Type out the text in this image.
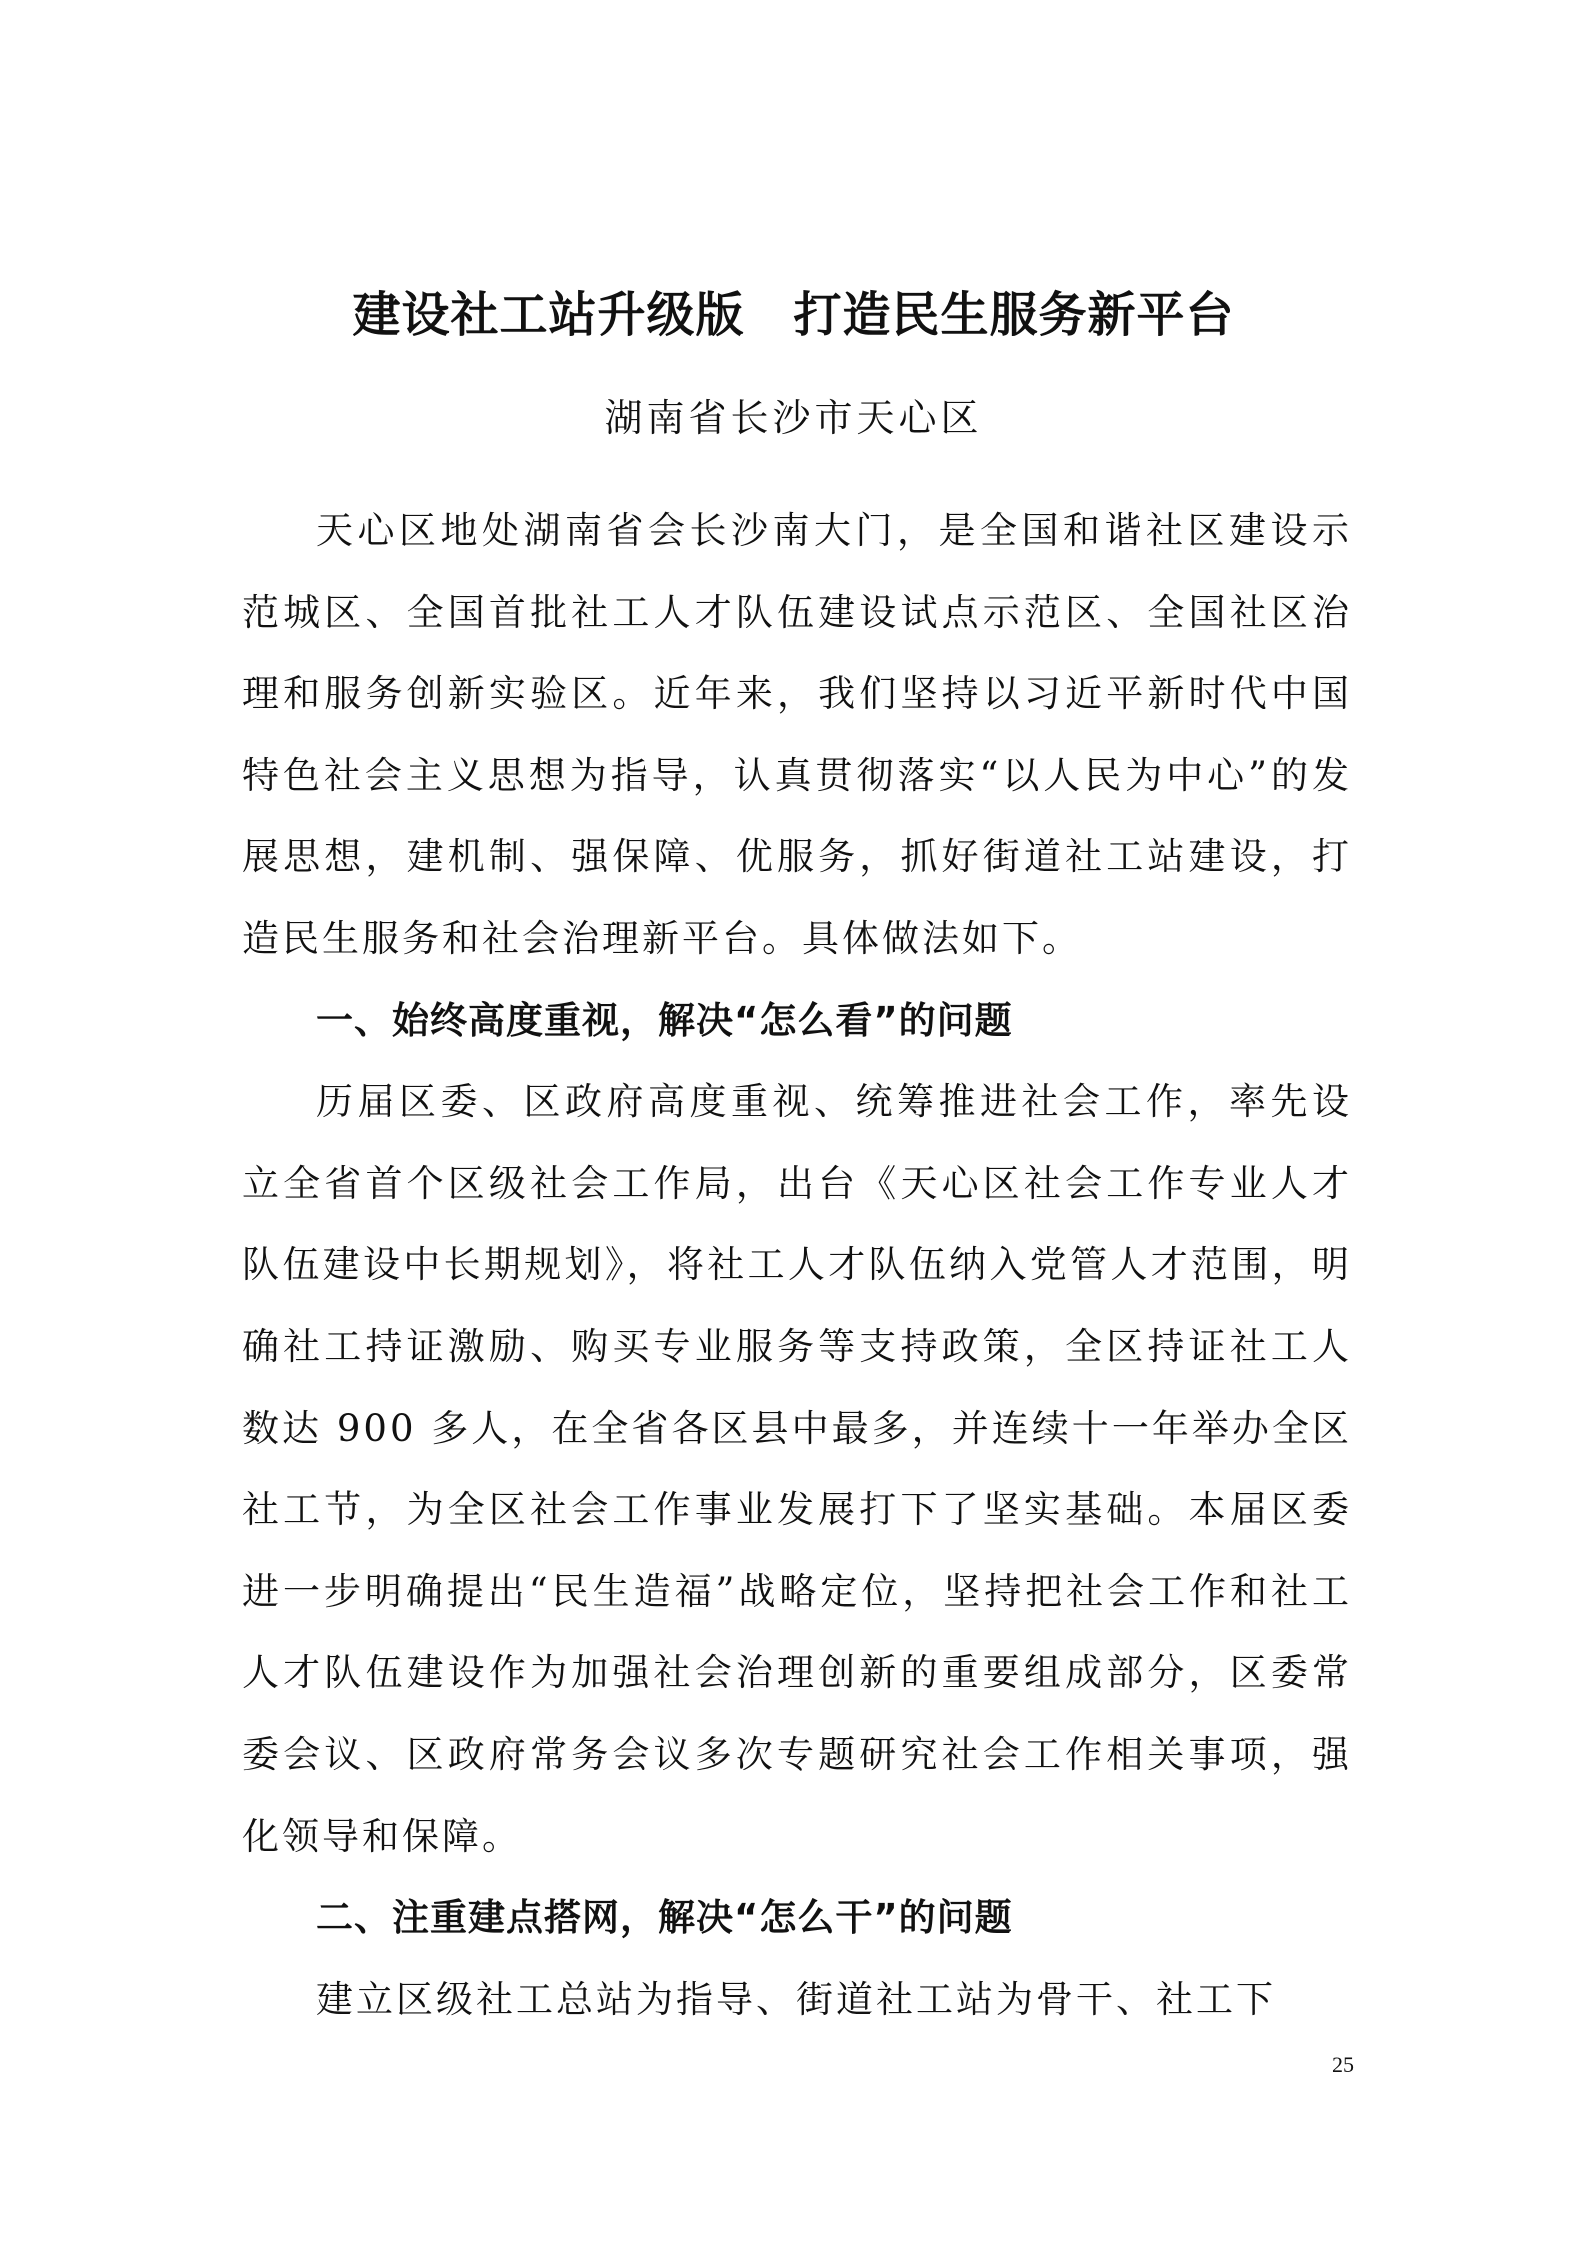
建设社工站升级版　打造民生服务新平台
湖南省长沙市天心区

天心区地处湖南省会长沙南大门，是全国和谐社区建设示范城区、全国首批社工人才队伍建设试点示范区、全国社区治理和服务创新实验区。近年来，我们坚持以习近平新时代中国特色社会主义思想为指导，认真贯彻落实“以人民为中心”的发展思想，建机制、强保障、优服务，抓好街道社工站建设，打造民生服务和社会治理新平台。具体做法如下。

一、始终高度重视，解决“怎么看”的问题

历届区委、区政府高度重视、统筹推进社会工作，率先设立全省首个区级社会工作局，出台《天心区社会工作专业人才队伍建设中长期规划》，将社工人才队伍纳入党管人才范围，明确社工持证激励、购买专业服务等支持政策，全区持证社工人数达 900 多人，在全省各区县中最多，并连续十一年举办全区社工节，为全区社会工作事业发展打下了坚实基础。本届区委进一步明确提出“民生造福”战略定位，坚持把社会工作和社工人才队伍建设作为加强社会治理创新的重要组成部分，区委常委会议、区政府常务会议多次专题研究社会工作相关事项，强化领导和保障。

二、注重建点搭网，解决“怎么干”的问题

建立区级社工总站为指导、街道社工站为骨干、社工下

25
